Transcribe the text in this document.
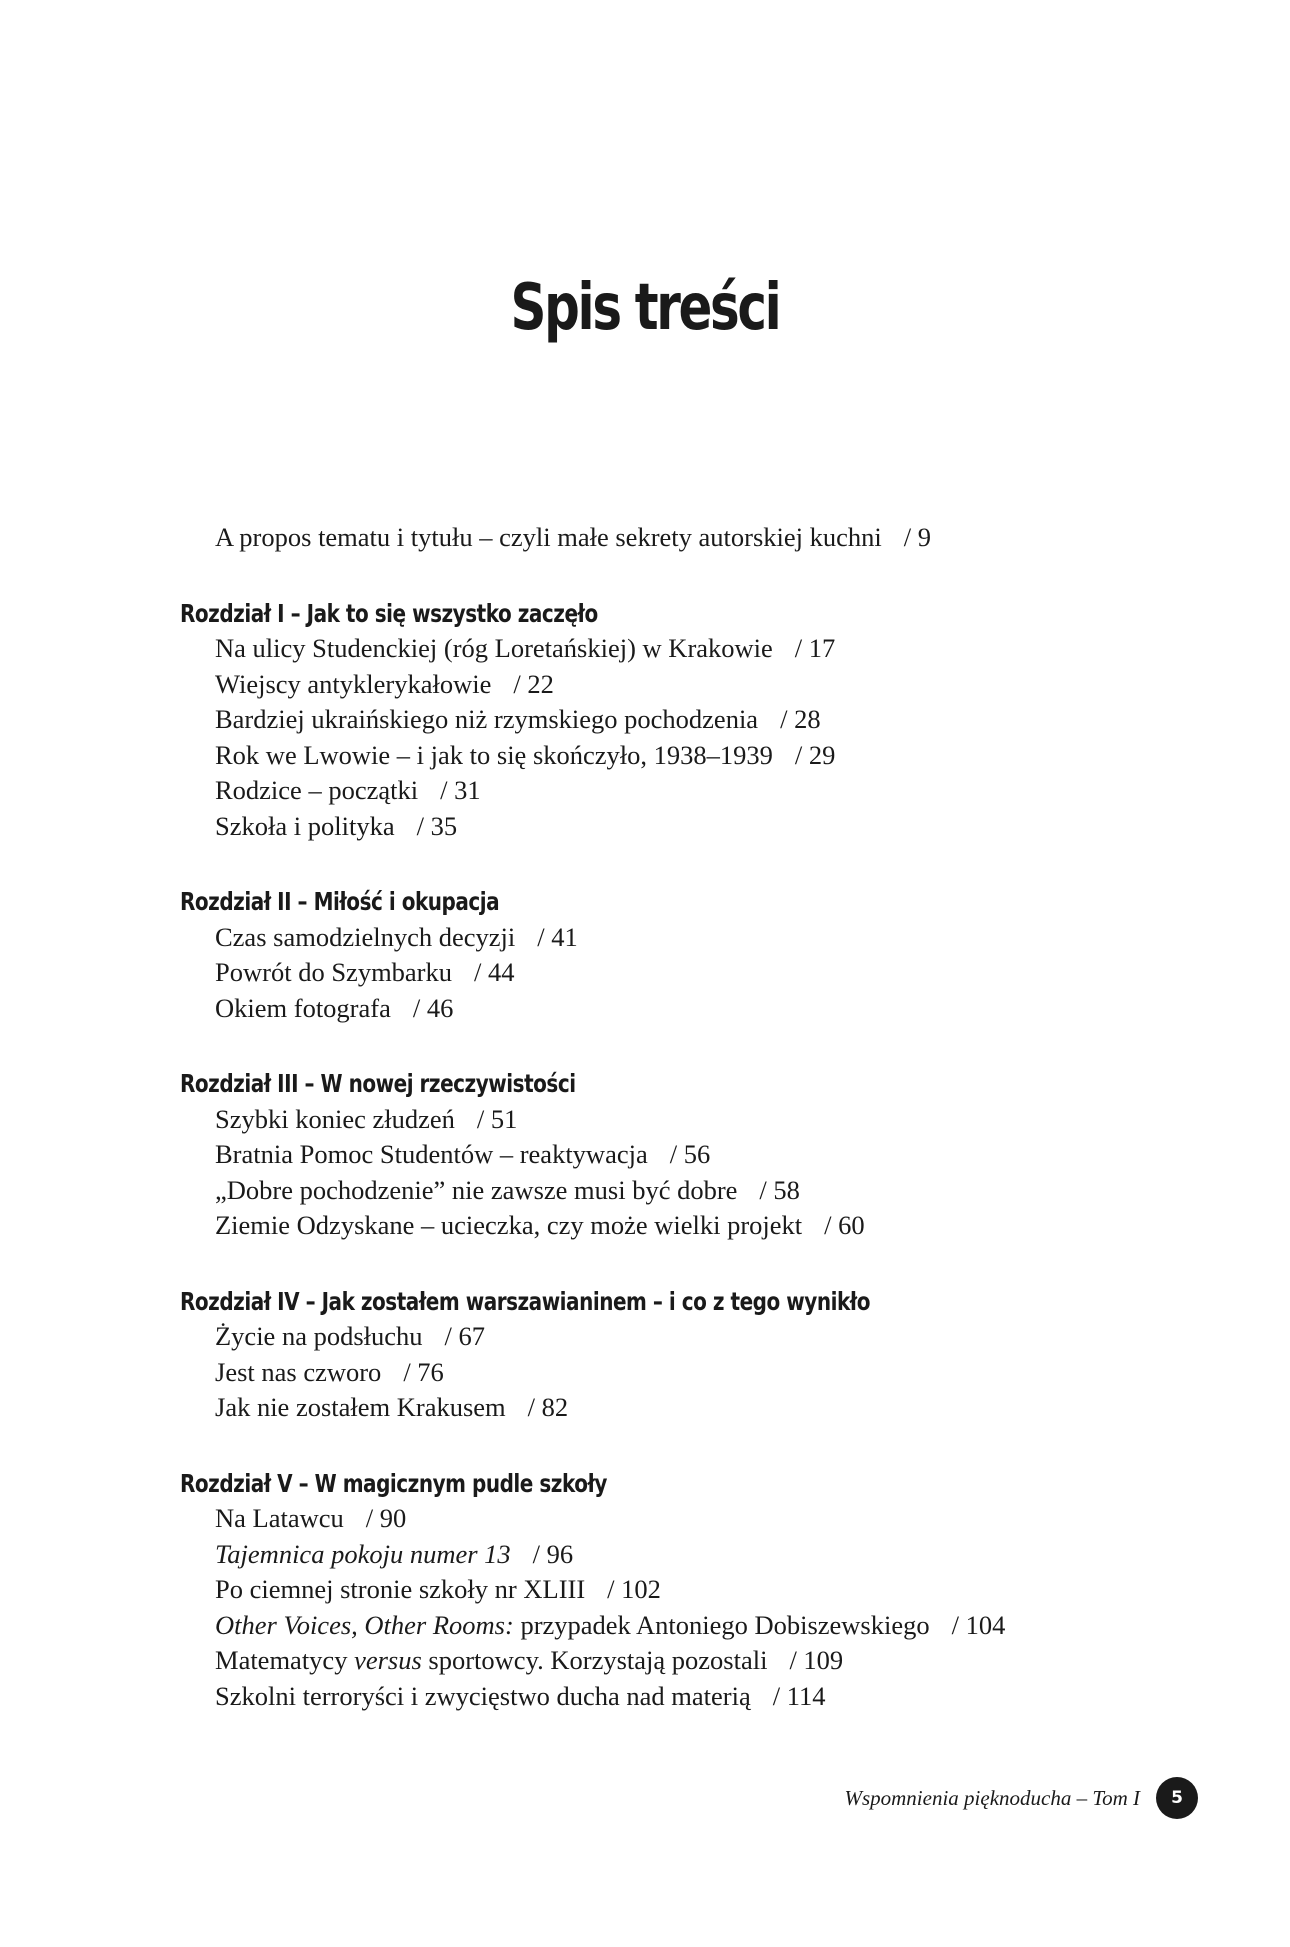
Spis treści
A propos tematu i tytułu – czyli małe sekrety autorskiej kuchni / 9
Rozdział I – Jak to się wszystko zaczęło
Na ulicy Studenckiej (róg Loretańskiej) w Krakowie / 17
Wiejscy antyklerykałowie / 22
Bardziej ukraińskiego niż rzymskiego pochodzenia / 28
Rok we Lwowie – i jak to się skończyło, 1938–1939 / 29
Rodzice – początki / 31
Szkoła i polityka / 35
Rozdział II – Miłość i okupacja
Czas samodzielnych decyzji / 41
Powrót do Szymbarku / 44
Okiem fotografa / 46
Rozdział III – W nowej rzeczywistości
Szybki koniec złudzeń / 51
Bratnia Pomoc Studentów – reaktywacja / 56
„Dobre pochodzenie” nie zawsze musi być dobre / 58
Ziemie Odzyskane – ucieczka, czy może wielki projekt / 60
Rozdział IV – Jak zostałem warszawianinem – i co z tego wynikło
Życie na podsłuchu / 67
Jest nas czworo / 76
Jak nie zostałem Krakusem / 82
Rozdział V – W magicznym pudle szkoły
Na Latawcu / 90
Tajemnica pokoju numer 13 / 96
Po ciemnej stronie szkoły nr XLIII / 102
Other Voices, Other Rooms: przypadek Antoniego Dobiszewskiego / 104
Matematycy versus sportowcy. Korzystają pozostali / 109
Szkolni terroryści i zwycięstwo ducha nad materią / 114
Wspomnienia pięknoducha – Tom I	5
